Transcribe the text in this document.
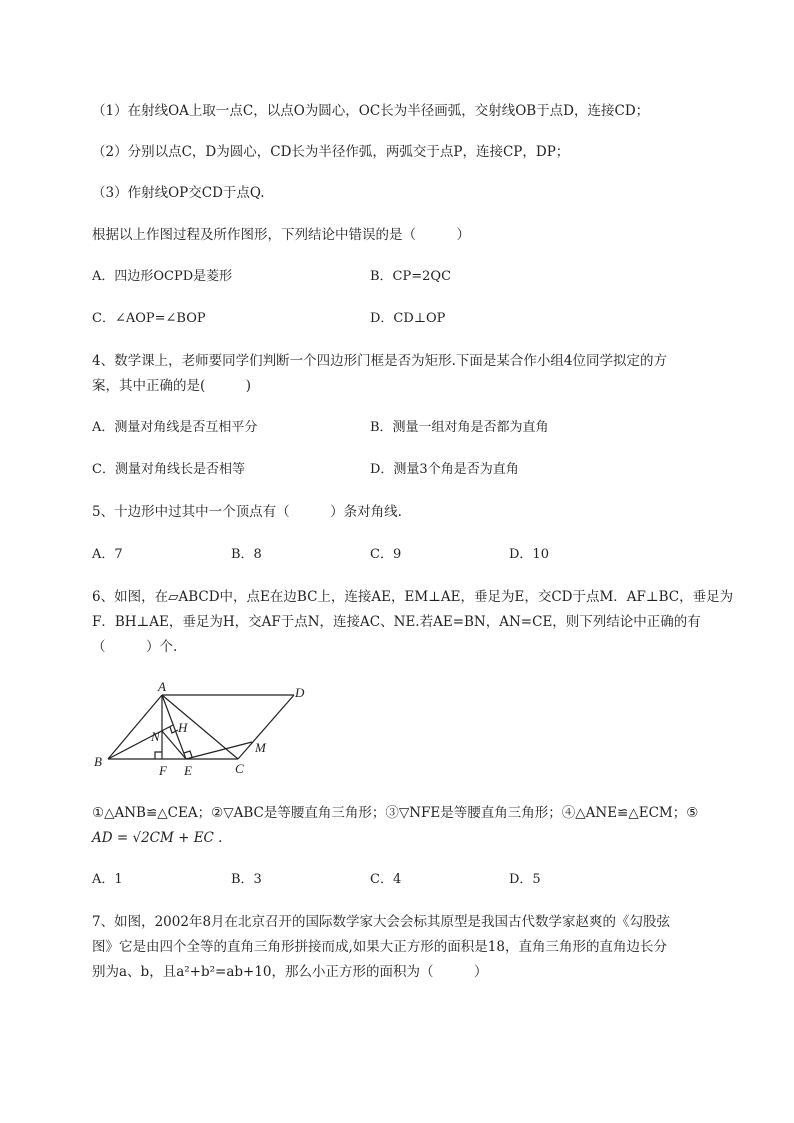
（1）在射线OA上取一点C，以点O为圆心，OC长为半径画弧，交射线OB于点D，连接CD；
（2）分别以点C，D为圆心，CD长为半径作弧，两弧交于点P，连接CP，DP；
（3）作射线OP交CD于点Q.
根据以上作图过程及所作图形，下列结论中错误的是（　　　）
A．四边形OCPD是菱形	B．CP=2QC
C．∠AOP=∠BOP	D．CD⊥OP
4、数学课上，老师要同学们判断一个四边形门框是否为矩形.下面是某合作小组4位同学拟定的方
案，其中正确的是(　　　)
A．测量对角线是否互相平分	B．测量一组对角是否都为直角
C．测量对角线长是否相等	D．测量3个角是否为直角
5、十边形中过其中一个顶点有（　　　）条对角线.
A．7	B．8	C．9	D．10
6、如图，在▱ABCD中，点E在边BC上，连接AE，EM⊥AE，垂足为E，交CD于点M．AF⊥BC，垂足为
F．BH⊥AE，垂足为H，交AF于点N，连接AC、NE.若AE=BN，AN=CE，则下列结论中正确的有
（　　　）个.
A	D
H
N
M
B
F E	C
①△ANB≌△CEA；②▽ABC是等腰直角三角形；③▽NFE是等腰直角三角形；④△ANE≌△ECM；⑤
AD = √2CM + EC .
A．1	B．3	C．4	D．5
7、如图，2002年8月在北京召开的国际数学家大会会标其原型是我国古代数学家赵爽的《勾股弦
图》它是由四个全等的直角三角形拼接而成,如果大正方形的面积是18，直角三角形的直角边长分
别为a、b，且a²+b²=ab+10，那么小正方形的面积为（　　　）
